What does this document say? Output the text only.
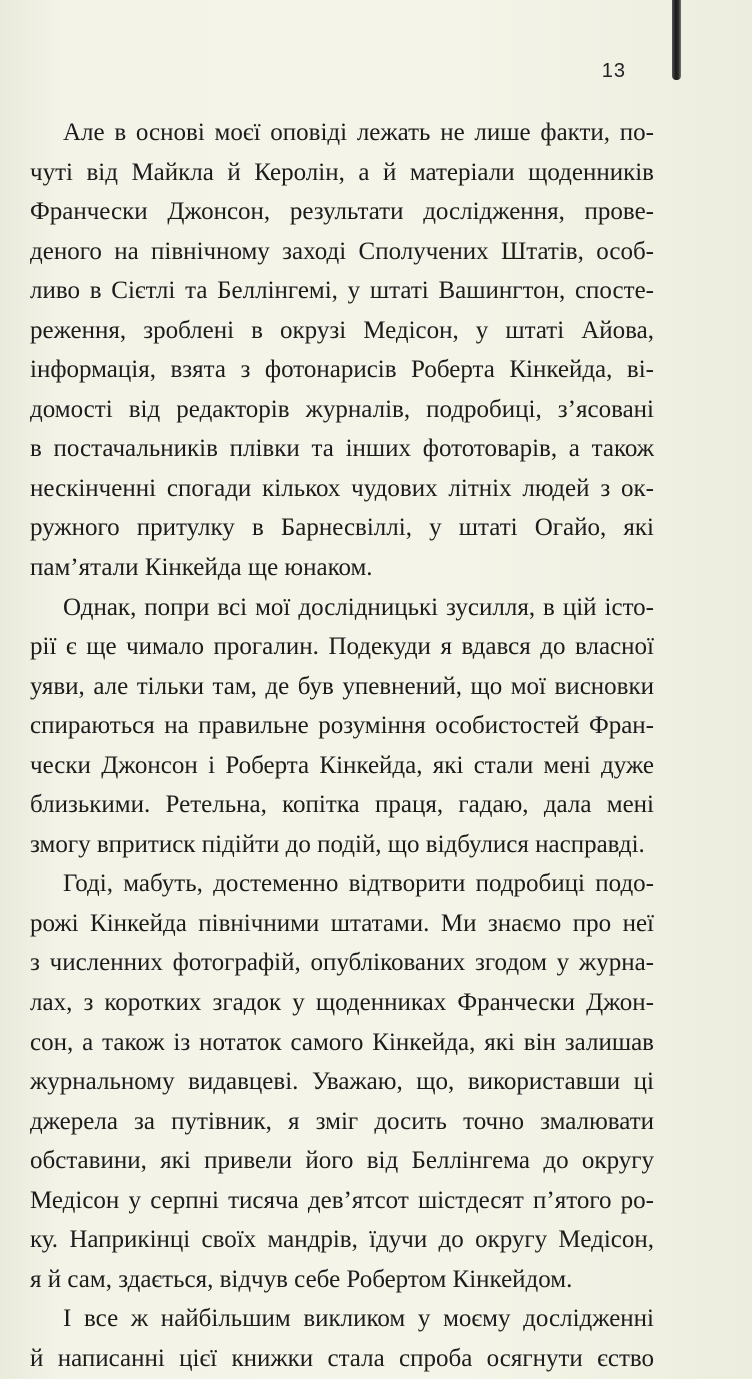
13
Але в основі моєї оповіді лежать не лише факти, по-
чуті від Майкла й Керолін, а й матеріали щоденників
Франчески Джонсон, результати дослідження, прове-
деного на північному заході Сполучених Штатів, особ-
ливо в Сієтлі та Беллінгемі, у штаті Вашингтон, спосте-
реження, зроблені в окрузі Медісон, у штаті Айова,
інформація, взята з фотонарисів Роберта Кінкейда, ві-
домості від редакторів журналів, подробиці, з’ясовані
в постачальників плівки та інших фототоварів, а також
нескінченні спогади кількох чудових літніх людей з ок-
ружного притулку в Барнесвіллі, у штаті Огайо, які
пам’ятали Кінкейда ще юнаком.
Однак, попри всі мої дослідницькі зусилля, в цій істо-
рії є ще чимало прогалин. Подекуди я вдався до власної
уяви, але тільки там, де був упевнений, що мої висновки
спираються на правильне розуміння особистостей Фран-
чески Джонсон і Роберта Кінкейда, які стали мені дуже
близькими. Ретельна, копітка праця, гадаю, дала мені
змогу впритиск підійти до подій, що відбулися насправді.
Годі, мабуть, достеменно відтворити подробиці подо-
рожі Кінкейда північними штатами. Ми знаємо про неї
з численних фотографій, опублікованих згодом у журна-
лах, з коротких згадок у щоденниках Франчески Джон-
сон, а також із нотаток самого Кінкейда, які він залишав
журнальному видавцеві. Уважаю, що, використавши ці
джерела за путівник, я зміг досить точно змалювати
обставини, які привели його від Беллінгема до округу
Медісон у серпні тисяча дев’ятсот шістдесят п’ятого ро-
ку. Наприкінці своїх мандрів, їдучи до округу Медісон,
я й сам, здається, відчув себе Робертом Кінкейдом.
І все ж найбільшим викликом у моєму дослідженні
й написанні цієї книжки стала спроба осягнути єство
